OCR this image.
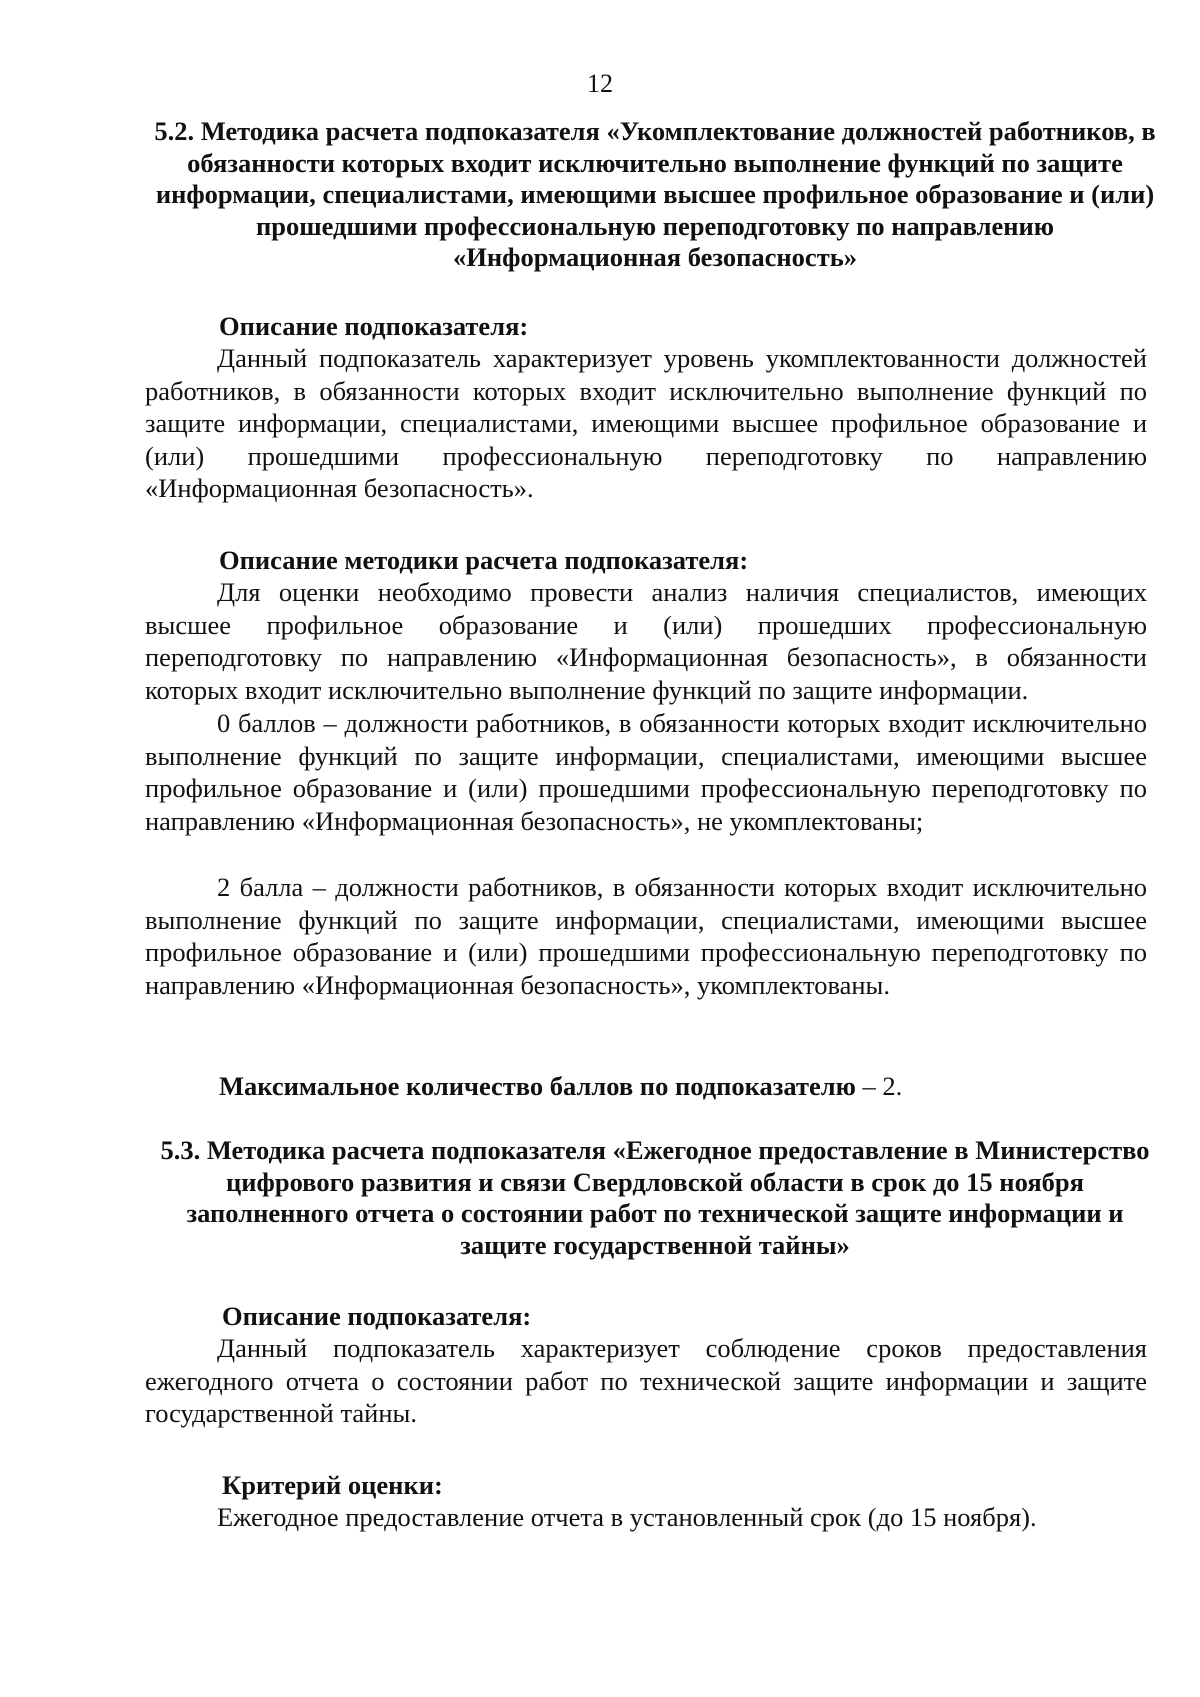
12
5.2. Методика расчета подпоказателя «Укомплектование должностей работников, в обязанности которых входит исключительно выполнение функций по защите информации, специалистами, имеющими высшее профильное образование и (или) прошедшими профессиональную переподготовку по направлению «Информационная безопасность»
Описание подпоказателя:
Данный подпоказатель характеризует уровень укомплектованности должностей работников, в обязанности которых входит исключительно выполнение функций по защите информации, специалистами, имеющими высшее профильное образование и (или) прошедшими профессиональную переподготовку по направлению «Информационная безопасность».
Описание методики расчета подпоказателя:
Для оценки необходимо провести анализ наличия специалистов, имеющих высшее профильное образование и (или) прошедших профессиональную переподготовку по направлению «Информационная безопасность», в обязанности которых входит исключительно выполнение функций по защите информации.
0 баллов – должности работников, в обязанности которых входит исключительно выполнение функций по защите информации, специалистами, имеющими высшее профильное образование и (или) прошедшими профессиональную переподготовку по направлению «Информационная безопасность», не укомплектованы;
2 балла – должности работников, в обязанности которых входит исключительно выполнение функций по защите информации, специалистами, имеющими высшее профильное образование и (или) прошедшими профессиональную переподготовку по направлению «Информационная безопасность», укомплектованы.
Максимальное количество баллов по подпоказателю – 2.
5.3. Методика расчета подпоказателя «Ежегодное предоставление в Министерство цифрового развития и связи Свердловской области в срок до 15 ноября заполненного отчета о состоянии работ по технической защите информации и защите государственной тайны»
Описание подпоказателя:
Данный подпоказатель характеризует соблюдение сроков предоставления ежегодного отчета о состоянии работ по технической защите информации и защите государственной тайны.
Критерий оценки:
Ежегодное предоставление отчета в установленный срок (до 15 ноября).
